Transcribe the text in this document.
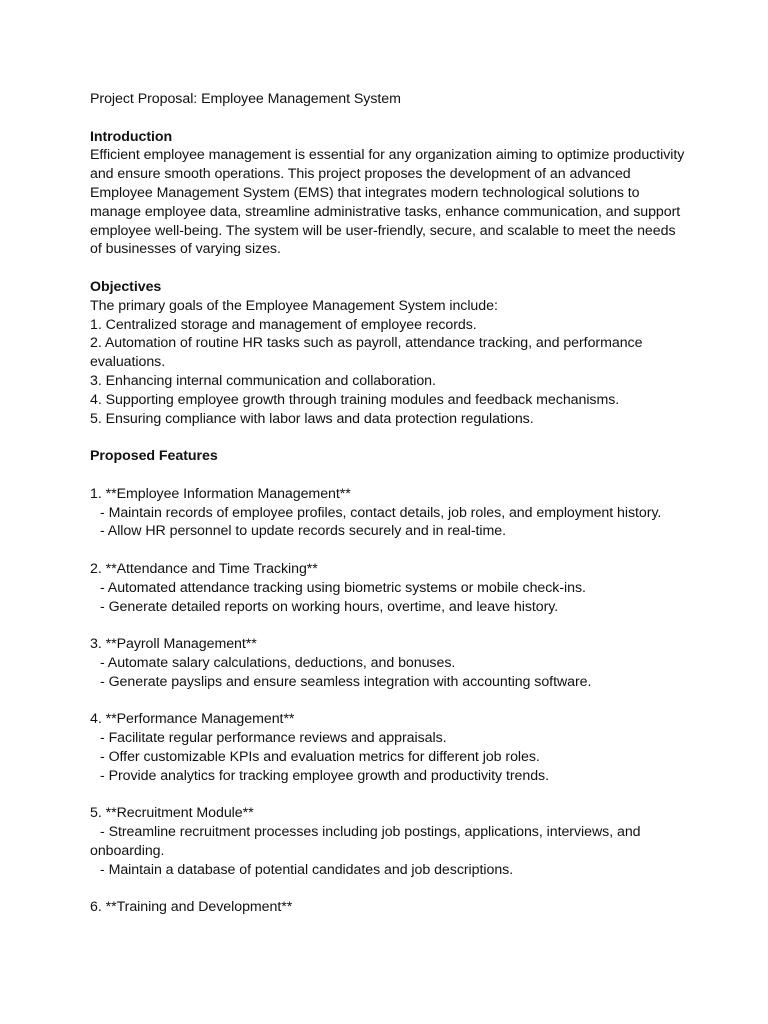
Project Proposal: Employee Management System
Introduction
Efficient employee management is essential for any organization aiming to optimize productivity
and ensure smooth operations. This project proposes the development of an advanced
Employee Management System (EMS) that integrates modern technological solutions to
manage employee data, streamline administrative tasks, enhance communication, and support
employee well-being. The system will be user-friendly, secure, and scalable to meet the needs
of businesses of varying sizes.
Objectives
The primary goals of the Employee Management System include:
1. Centralized storage and management of employee records.
2. Automation of routine HR tasks such as payroll, attendance tracking, and performance
evaluations.
3. Enhancing internal communication and collaboration.
4. Supporting employee growth through training modules and feedback mechanisms.
5. Ensuring compliance with labor laws and data protection regulations.
Proposed Features
1. **Employee Information Management**
- Maintain records of employee profiles, contact details, job roles, and employment history.
- Allow HR personnel to update records securely and in real-time.
2. **Attendance and Time Tracking**
- Automated attendance tracking using biometric systems or mobile check-ins.
- Generate detailed reports on working hours, overtime, and leave history.
3. **Payroll Management**
- Automate salary calculations, deductions, and bonuses.
- Generate payslips and ensure seamless integration with accounting software.
4. **Performance Management**
- Facilitate regular performance reviews and appraisals.
- Offer customizable KPIs and evaluation metrics for different job roles.
- Provide analytics for tracking employee growth and productivity trends.
5. **Recruitment Module**
- Streamline recruitment processes including job postings, applications, interviews, and
onboarding.
- Maintain a database of potential candidates and job descriptions.
6. **Training and Development**
